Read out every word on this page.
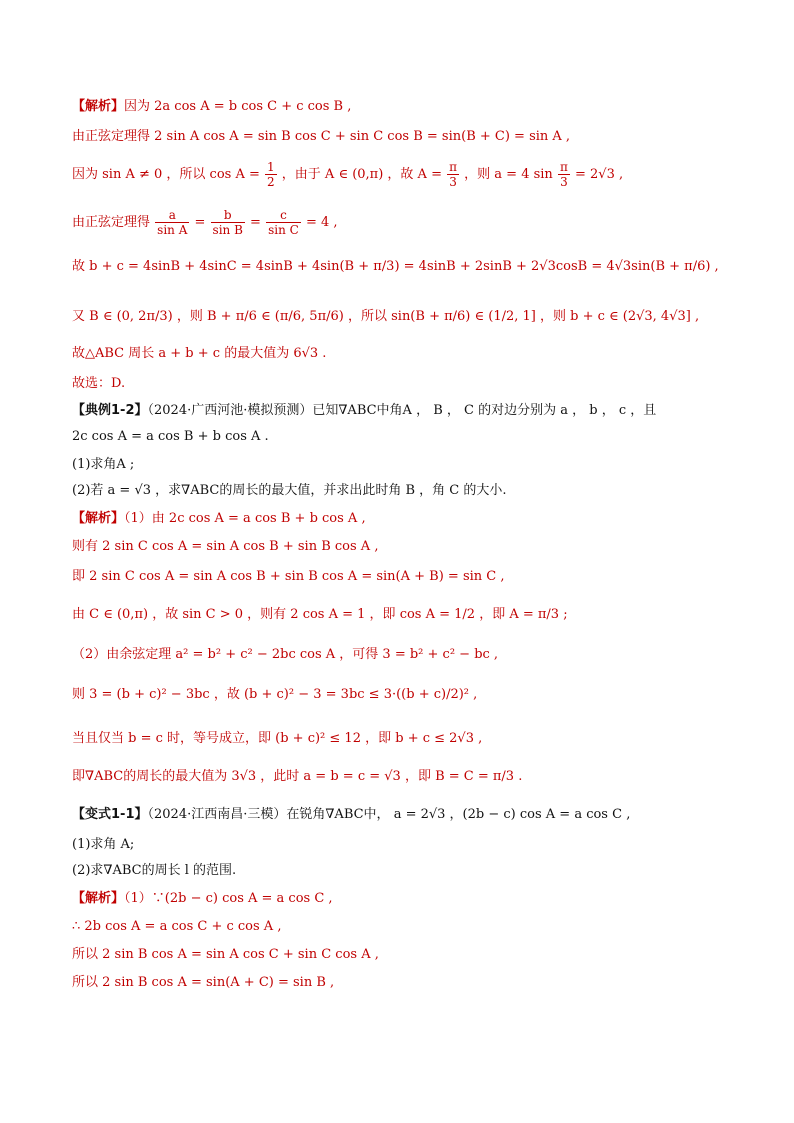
【解析】因为 2a cos A = b cos C + c cos B ,
由正弦定理得 2 sin A cos A = sin B cos C + sin C cos B = sin(B + C) = sin A ,
因为 sin A ≠ 0 ，所以 $\cos A = \frac{1}{2}$ ，由于 A ∈ (0,π) ，故 $A = \frac{\pi}{3}$ ，则 a = 4 $\sin \frac{\pi}{3} = 2√3$ ,
由正弦定理得 $\frac{a}{\text{sin A}} = \frac{b}{\text{sin B}} = \frac{c}{\text{sin C}} = 4$ ,
故 b + c = 4sinB + 4sinC = 4sinB + 4sin(B + π/3) = 4sinB + 2sinB + 2√3cosB = 4√3sin(B + π/6) ,
又 B ∈ (0, 2π/3) ，则 B + π/6 ∈ (π/6, 5π/6) ，所以 sin(B + π/6) ∈ (1/2, 1] ，则 b + c ∈ (2√3, 4√3] ,
故△ABC 周长 a + b + c 的最大值为 6√3 .
故选：D.
【典例1-2】（2024·广西河池·模拟预测）已知∇ABC中角A ， B ， C 的对边分别为 a ， b ， c ，且
2c cos A = a cos B + b cos A .
(1)求角A ;
(2)若 a = √3 ，求∇ABC的周长的最大值，并求出此时角 B ，角 C 的大小.
【解析】（1）由 2c cos A = a cos B + b cos A ,
则有 2 sin C cos A = sin A cos B + sin B cos A ,
即 2 sin C cos A = sin A cos B + sin B cos A = sin(A + B) = sin C ,
由 C ∈ (0,π) ，故 sin C > 0 ，则有 2 cos A = 1 ，即 cos A = 1/2 ，即 A = π/3 ;
（2）由余弦定理 a² = b² + c² − 2bc cos A ，可得 3 = b² + c² − bc ,
则 3 = (b + c)² − 3bc ，故 (b + c)² − 3 = 3bc ≤ 3·((b + c)/2)² ,
当且仅当 b = c 时，等号成立，即 (b + c)² ≤ 12 ，即 b + c ≤ 2√3 ,
即∇ABC的周长的最大值为 3√3 ，此时 a = b = c = √3 ，即 B = C = π/3 .
【变式1-1】（2024·江西南昌·三模）在锐角∇ABC中， a = 2√3 ，(2b − c) cos A = a cos C ,
(1)求角 A;
(2)求∇ABC的周长 l 的范围.
【解析】（1）∵(2b − c) cos A = a cos C ,
∴ 2b cos A = a cos C + c cos A ,
所以 2 sin B cos A = sin A cos C + sin C cos A ,
所以 2 sin B cos A = sin(A + C) = sin B ,
